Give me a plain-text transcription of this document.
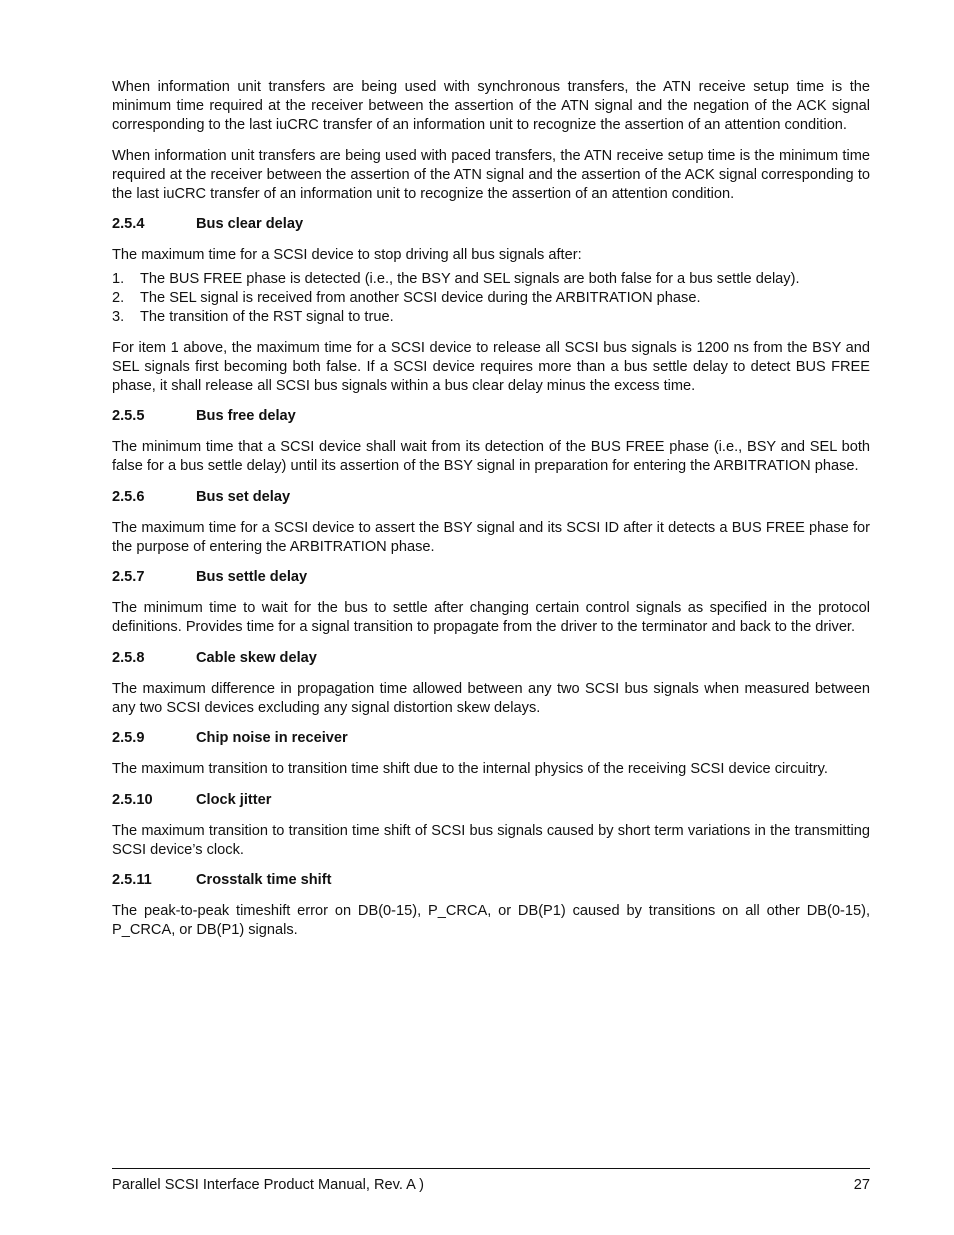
When information unit transfers are being used with synchronous transfers, the ATN receive setup time is the minimum time required at the receiver between the assertion of the ATN signal and the negation of the ACK signal corresponding to the last iuCRC transfer of an information unit to recognize the assertion of an attention condition.

When information unit transfers are being used with paced transfers, the ATN receive setup time is the minimum time required at the receiver between the assertion of the ATN signal and the assertion of the ACK signal corresponding to the last iuCRC transfer of an information unit to recognize the assertion of an attention condition.

2.5.4	Bus clear delay

The maximum time for a SCSI device to stop driving all bus signals after:

1.	The BUS FREE phase is detected (i.e., the BSY and SEL signals are both false for a bus settle delay).
2.	The SEL signal is received from another SCSI device during the ARBITRATION phase.
3.	The transition of the RST signal to true.

For item 1 above, the maximum time for a SCSI device to release all SCSI bus signals is 1200 ns from the BSY and SEL signals first becoming both false. If a SCSI device requires more than a bus settle delay to detect BUS FREE phase, it shall release all SCSI bus signals within a bus clear delay minus the excess time.

2.5.5	Bus free delay

The minimum time that a SCSI device shall wait from its detection of the BUS FREE phase (i.e., BSY and SEL both false for a bus settle delay) until its assertion of the BSY signal in preparation for entering the ARBITRATION phase.

2.5.6	Bus set delay

The maximum time for a SCSI device to assert the BSY signal and its SCSI ID after it detects a BUS FREE phase for the purpose of entering the ARBITRATION phase.

2.5.7	Bus settle delay

The minimum time to wait for the bus to settle after changing certain control signals as specified in the protocol definitions. Provides time for a signal transition to propagate from the driver to the terminator and back to the driver.

2.5.8	Cable skew delay

The maximum difference in propagation time allowed between any two SCSI bus signals when measured between any two SCSI devices excluding any signal distortion skew delays.

2.5.9	Chip noise in receiver

The maximum transition to transition time shift due to the internal physics of the receiving SCSI device circuitry.

2.5.10	Clock jitter

The maximum transition to transition time shift of SCSI bus signals caused by short term variations in the transmitting SCSI device’s clock.

2.5.11	Crosstalk time shift

The peak-to-peak timeshift error on DB(0-15), P_CRCA, or DB(P1) caused by transitions on all other DB(0-15), P_CRCA, or DB(P1) signals.

Parallel SCSI Interface Product Manual, Rev. A )	27
